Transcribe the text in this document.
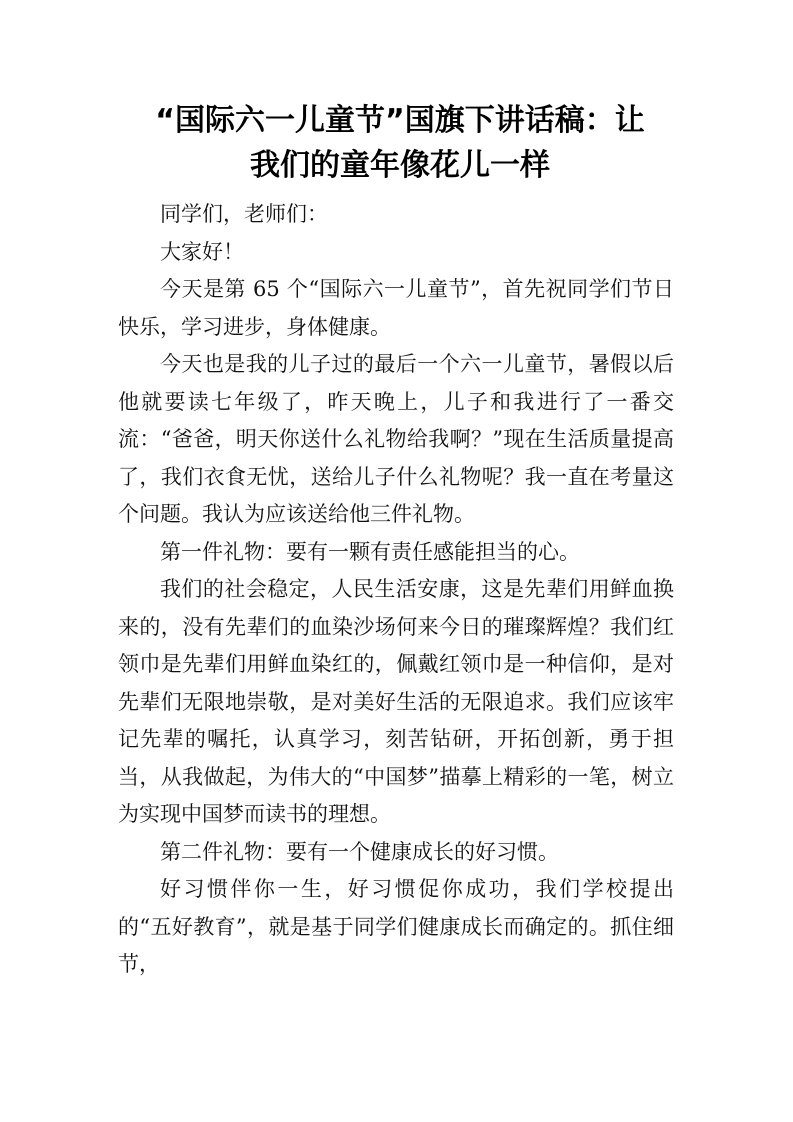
“国际六一儿童节”国旗下讲话稿：让
我们的童年像花儿一样

同学们，老师们：

大家好！

今天是第 65 个“国际六一儿童节”，首先祝同学们节日快乐，学习进步，身体健康。

今天也是我的儿子过的最后一个六一儿童节，暑假以后他就要读七年级了，昨天晚上，儿子和我进行了一番交流：“爸爸，明天你送什么礼物给我啊？”现在生活质量提高了，我们衣食无忧，送给儿子什么礼物呢？我一直在考量这个问题。我认为应该送给他三件礼物。

第一件礼物：要有一颗有责任感能担当的心。

我们的社会稳定，人民生活安康，这是先辈们用鲜血换来的，没有先辈们的血染沙场何来今日的璀璨辉煌？我们红领巾是先辈们用鲜血染红的，佩戴红领巾是一种信仰，是对先辈们无限地崇敬，是对美好生活的无限追求。我们应该牢记先辈的嘱托，认真学习，刻苦钻研，开拓创新，勇于担当，从我做起，为伟大的“中国梦”描摹上精彩的一笔，树立为实现中国梦而读书的理想。

第二件礼物：要有一个健康成长的好习惯。

好习惯伴你一生，好习惯促你成功，我们学校提出的“五好教育”，就是基于同学们健康成长而确定的。抓住细节，
